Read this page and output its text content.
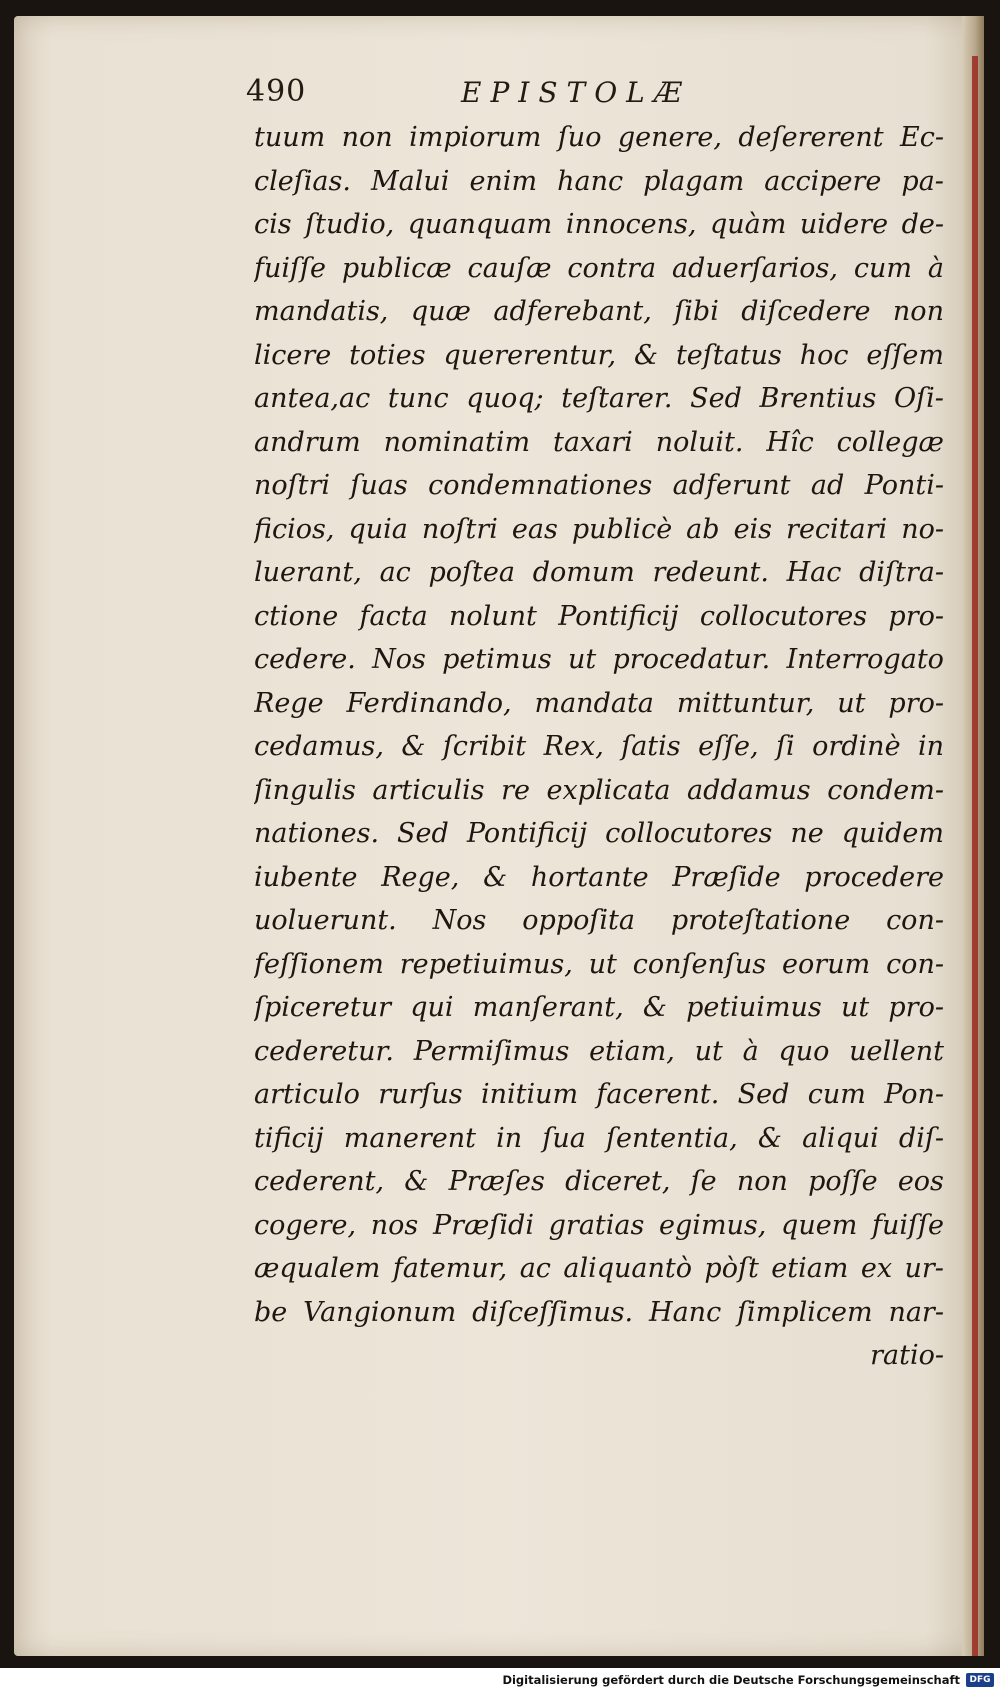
490	EPISTOLÆ
tuum non impiorum ſuo genere, deſererent Ec-
cleſias. Malui enim hanc plagam accipere pa-
cis ſtudio, quanquam innocens, quàm uidere de-
fuiſſe publicæ cauſæ contra aduerſarios, cum à
mandatis, quæ adferebant, ſibi diſcedere non
licere toties quererentur, & teſtatus hoc eſſem
antea,ac tunc quoq; teſtarer. Sed Brentius Oſi-
andrum nominatim taxari noluit. Hîc collegæ
noſtri ſuas condemnationes adferunt ad Ponti-
ficios, quia noſtri eas publicè ab eis recitari no-
luerant, ac poſtea domum redeunt. Hac diſtra-
ctione facta nolunt Pontificij collocutores pro-
cedere. Nos petimus ut procedatur. Interrogato
Rege Ferdinando, mandata mittuntur, ut pro-
cedamus, & ſcribit Rex, ſatis eſſe, ſi ordinè in
ſingulis articulis re explicata addamus condem-
nationes. Sed Pontificij collocutores ne quidem
iubente Rege, & hortante Præſide procedere
uoluerunt. Nos oppoſita proteſtatione con-
feſſionem repetiuimus, ut conſenſus eorum con-
ſpiceretur qui manſerant, & petiuimus ut pro-
cederetur. Permiſimus etiam, ut à quo uellent
articulo rurſus initium facerent. Sed cum Pon-
tificij manerent in ſua ſententia, & aliqui diſ-
cederent, & Præſes diceret, ſe non poſſe eos
cogere, nos Præſidi gratias egimus, quem fuiſſe
æqualem fatemur, ac aliquantò pòſt etiam ex ur-
be Vangionum diſceſſimus. Hanc ſimplicem nar-
ratio-
Digitalisierung gefördert durch die Deutsche Forschungsgemeinschaft	DFG
